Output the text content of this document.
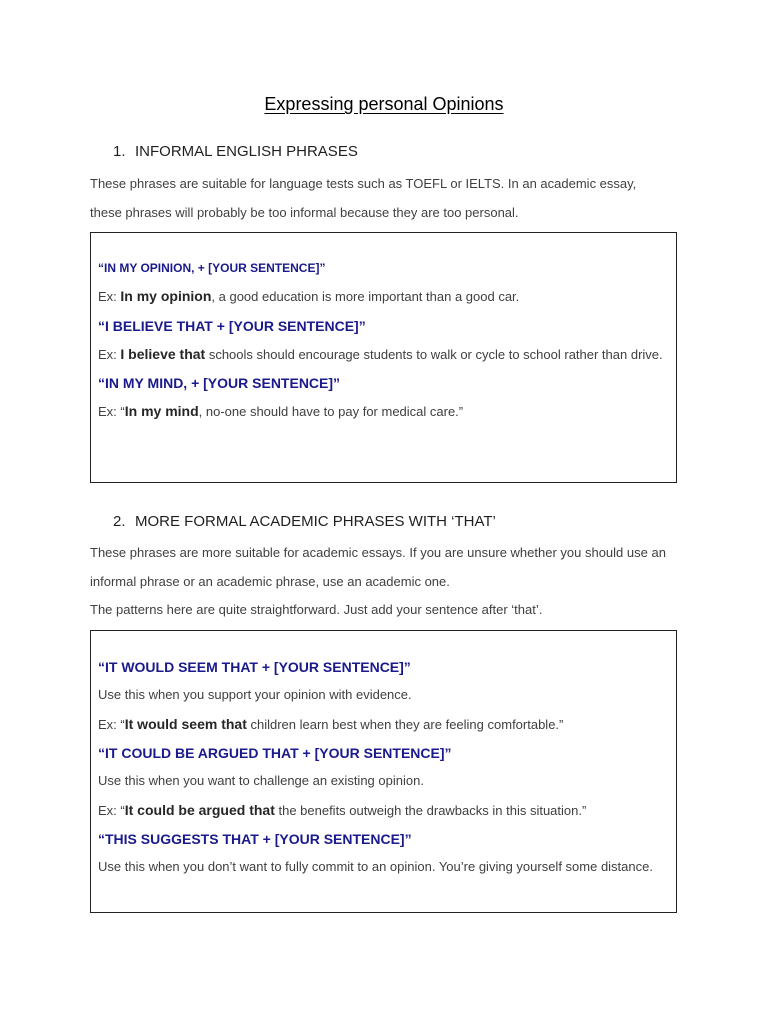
Expressing personal Opinions
1. INFORMAL ENGLISH PHRASES
These phrases are suitable for language tests such as TOEFL or IELTS. In an academic essay, these phrases will probably be too informal because they are too personal.
“IN MY OPINION, + [YOUR SENTENCE]”
Ex: In my opinion, a good education is more important than a good car.
“I BELIEVE THAT + [YOUR SENTENCE]”
Ex: I believe that schools should encourage students to walk or cycle to school rather than drive.
“IN MY MIND, + [YOUR SENTENCE]”
Ex: “In my mind, no-one should have to pay for medical care.”
2. MORE FORMAL ACADEMIC PHRASES WITH ‘THAT’
These phrases are more suitable for academic essays. If you are unsure whether you should use an informal phrase or an academic phrase, use an academic one.
The patterns here are quite straightforward. Just add your sentence after ‘that’.
“IT WOULD SEEM THAT + [YOUR SENTENCE]”
Use this when you support your opinion with evidence.
Ex: “It would seem that children learn best when they are feeling comfortable.”
“IT COULD BE ARGUED THAT + [YOUR SENTENCE]”
Use this when you want to challenge an existing opinion.
Ex: “It could be argued that the benefits outweigh the drawbacks in this situation.”
“THIS SUGGESTS THAT + [YOUR SENTENCE]”
Use this when you don’t want to fully commit to an opinion. You’re giving yourself some distance.
